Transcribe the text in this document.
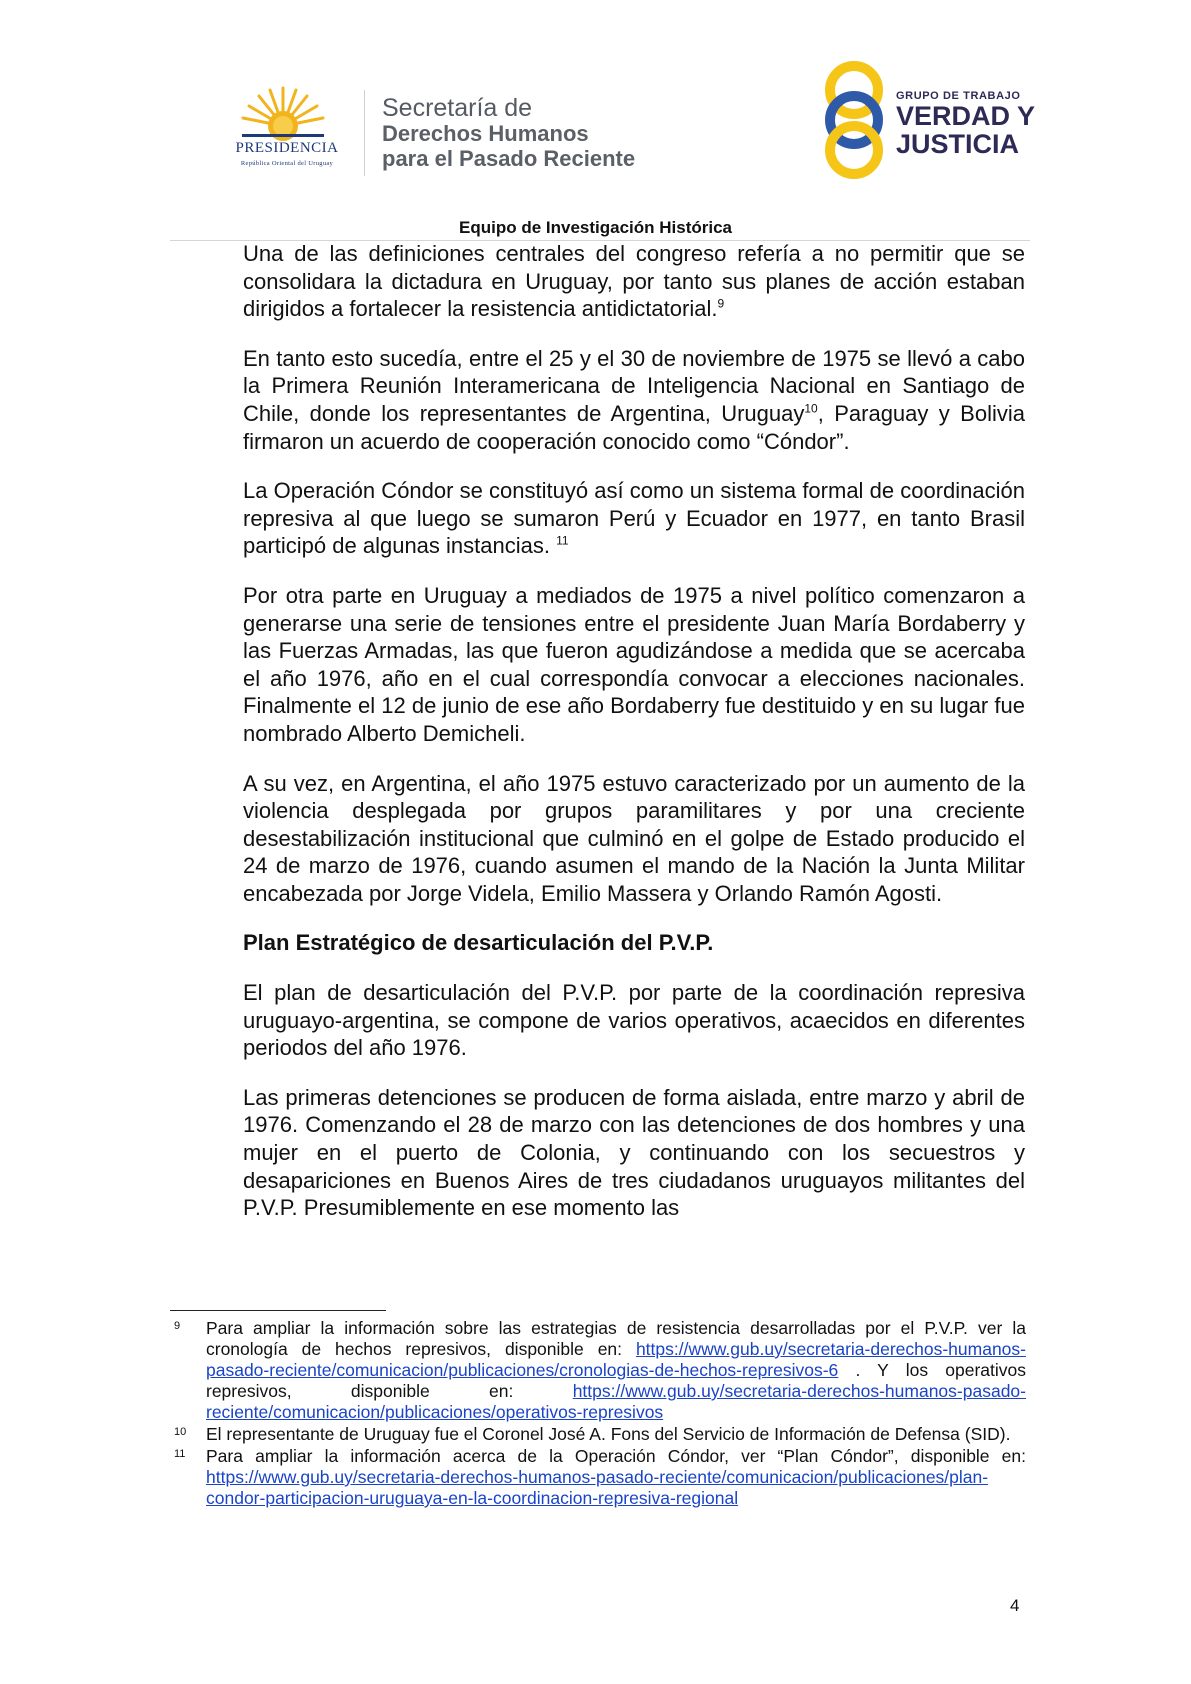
PRESIDENCIA
República Oriental del Uruguay
Secretaría de
Derechos Humanos
para el Pasado Reciente
GRUPO DE TRABAJO
VERDAD Y
JUSTICIA
Equipo de Investigación Histórica

Una de las definiciones centrales del congreso refería a no permitir que se consolidara la dictadura en Uruguay, por tanto sus planes de acción estaban dirigidos a fortalecer la resistencia antidictatorial.$^9$

En tanto esto sucedía, entre el 25 y el 30 de noviembre de 1975 se llevó a cabo la Primera Reunión Interamericana de Inteligencia Nacional en Santiago de Chile, donde los representantes de Argentina, Uruguay$^{10}$, Paraguay y Bolivia firmaron un acuerdo de cooperación conocido como “Cóndor”.

La Operación Cóndor se constituyó así como un sistema formal de coordinación represiva al que luego se sumaron Perú y Ecuador en 1977, en tanto Brasil participó de algunas instancias. $^{11}$

Por otra parte en Uruguay a mediados de 1975 a nivel político comenzaron a generarse una serie de tensiones entre el presidente Juan María Bordaberry y las Fuerzas Armadas, las que fueron agudizándose a medida que se acercaba el año 1976, año en el cual correspondía convocar a elecciones nacionales. Finalmente el 12 de junio de ese año Bordaberry fue destituido y en su lugar fue nombrado Alberto Demicheli.

A su vez, en Argentina, el año 1975 estuvo caracterizado por un aumento de la violencia desplegada por grupos paramilitares y por una creciente desestabilización institucional que culminó en el golpe de Estado producido el 24 de marzo de 1976, cuando asumen el mando de la Nación la Junta Militar encabezada por Jorge Videla, Emilio Massera y Orlando Ramón Agosti.

Plan Estratégico de desarticulación del P.V.P.

El plan de desarticulación del P.V.P. por parte de la coordinación represiva uruguayo-argentina, se compone de varios operativos, acaecidos en diferentes periodos del año 1976.

Las primeras detenciones se producen de forma aislada, entre marzo y abril de 1976. Comenzando el 28 de marzo con las detenciones de dos hombres y una mujer en el puerto de Colonia, y continuando con los secuestros y desapariciones en Buenos Aires de tres ciudadanos uruguayos militantes del P.V.P. Presumiblemente en ese momento las

9 Para ampliar la información sobre las estrategias de resistencia desarrolladas por el P.V.P. ver la cronología de hechos represivos, disponible en: https://www.gub.uy/secretaria-derechos-humanos-pasado-reciente/comunicacion/publicaciones/cronologias-de-hechos-represivos-6 . Y los operativos represivos, disponible en: https://www.gub.uy/secretaria-derechos-humanos-pasado-reciente/comunicacion/publicaciones/operativos-represivos
10 El representante de Uruguay fue el Coronel José A. Fons del Servicio de Información de Defensa (SID).
11 Para ampliar la información acerca de la Operación Cóndor, ver “Plan Cóndor”, disponible en: https://www.gub.uy/secretaria-derechos-humanos-pasado-reciente/comunicacion/publicaciones/plan-condor-participacion-uruguaya-en-la-coordinacion-represiva-regional
4
